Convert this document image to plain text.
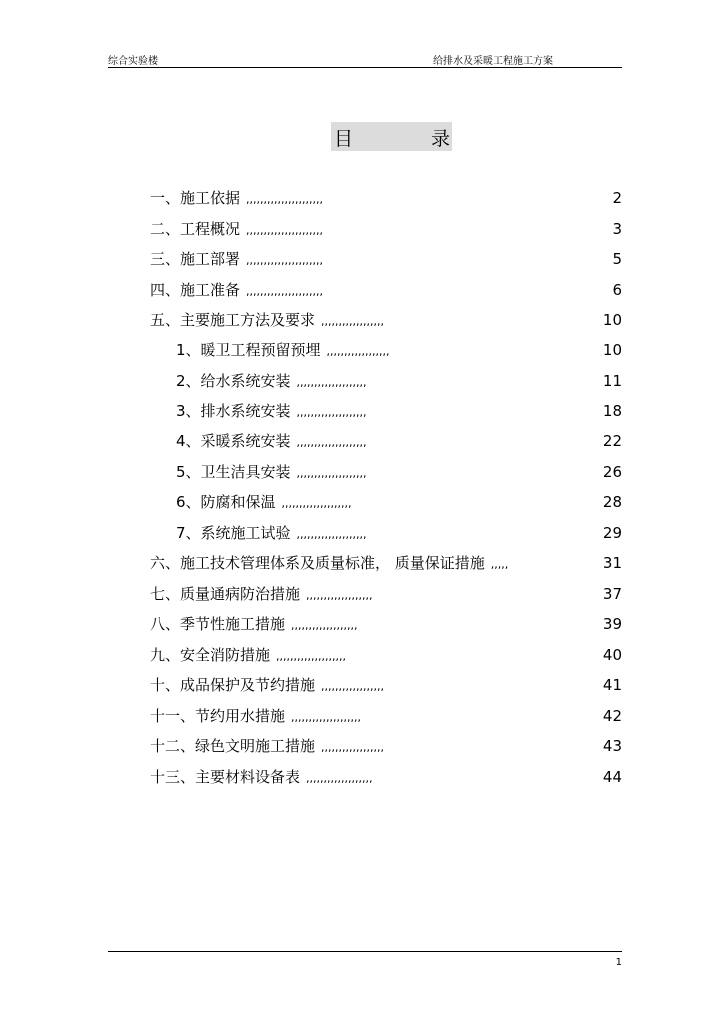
综合实验楼	给排水及采暖工程施工方案
目	录
一、施工依据 ,,,,,,,,,,,,,,,,,,,,,,	2
二、工程概况 ,,,,,,,,,,,,,,,,,,,,,,	3
三、施工部署 ,,,,,,,,,,,,,,,,,,,,,,	5
四、施工准备 ,,,,,,,,,,,,,,,,,,,,,,	6
五、主要施工方法及要求 ,,,,,,,,,,,,,,,,,,	10
1、暖卫工程预留预埋 ,,,,,,,,,,,,,,,,,,	10
2、给水系统安装 ,,,,,,,,,,,,,,,,,,,,	11
3、排水系统安装 ,,,,,,,,,,,,,,,,,,,,	18
4、采暖系统安装 ,,,,,,,,,,,,,,,,,,,,	22
5、卫生洁具安装 ,,,,,,,,,,,,,,,,,,,,	26
6、防腐和保温 ,,,,,,,,,,,,,,,,,,,,	28
7、系统施工试验 ,,,,,,,,,,,,,,,,,,,,	29
六、施工技术管理体系及质量标准， 质量保证措施 ,,,,,	31
七、质量通病防治措施 ,,,,,,,,,,,,,,,,,,,	37
八、季节性施工措施 ,,,,,,,,,,,,,,,,,,,	39
九、安全消防措施 ,,,,,,,,,,,,,,,,,,,,	40
十、成品保护及节约措施 ,,,,,,,,,,,,,,,,,,	41
十一、节约用水措施 ,,,,,,,,,,,,,,,,,,,,	42
十二、绿色文明施工措施 ,,,,,,,,,,,,,,,,,,	43
十三、主要材料设备表 ,,,,,,,,,,,,,,,,,,,	44
1
